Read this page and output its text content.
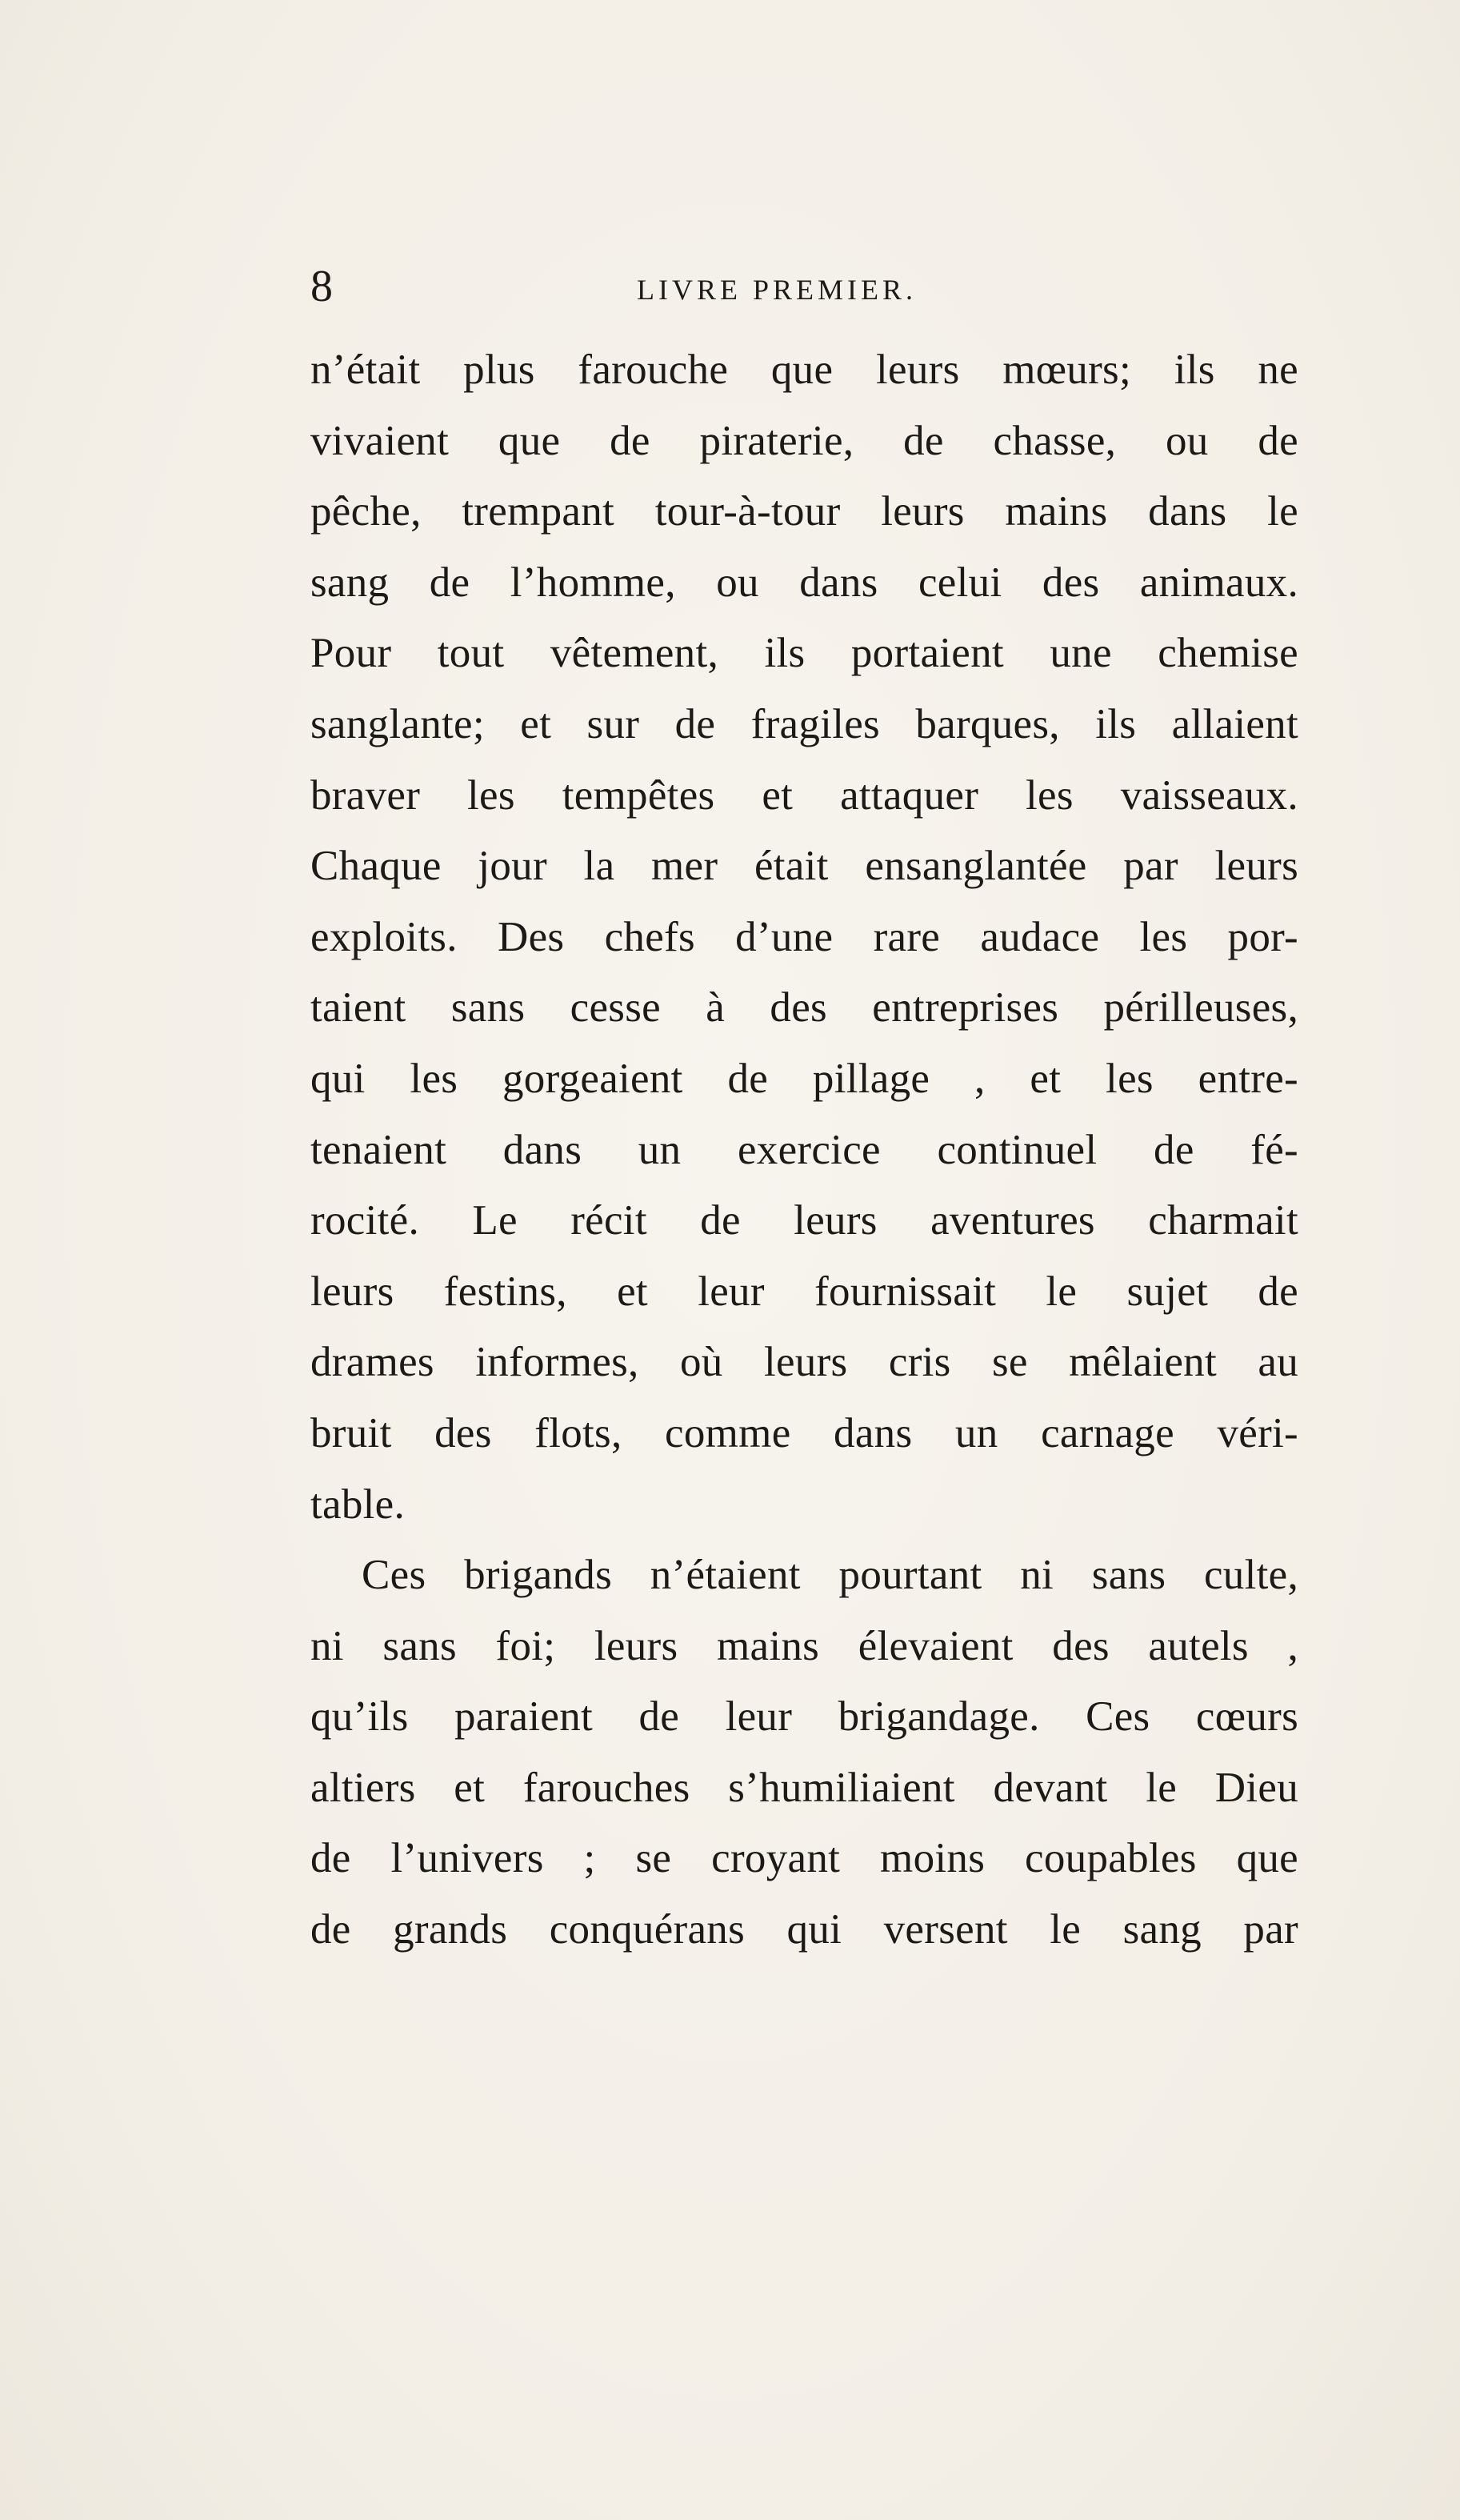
8	LIVRE PREMIER.
n’était plus farouche que leurs mœurs; ils ne
vivaient que de piraterie, de chasse, ou de
pêche, trempant tour-à-tour leurs mains dans le
sang de l’homme, ou dans celui des animaux.
Pour tout vêtement, ils portaient une chemise
sanglante; et sur de fragiles barques, ils allaient
braver les tempêtes et attaquer les vaisseaux.
Chaque jour la mer était ensanglantée par leurs
exploits. Des chefs d’une rare audace les por-
taient sans cesse à des entreprises périlleuses,
qui les gorgeaient de pillage , et les entre-
tenaient dans un exercice continuel de fé-
rocité. Le récit de leurs aventures charmait
leurs festins, et leur fournissait le sujet de
drames informes, où leurs cris se mêlaient au
bruit des flots, comme dans un carnage véri-
table.
Ces brigands n’étaient pourtant ni sans culte,
ni sans foi; leurs mains élevaient des autels ,
qu’ils paraient de leur brigandage. Ces cœurs
altiers et farouches s’humiliaient devant le Dieu
de l’univers ; se croyant moins coupables que
de grands conquérans qui versent le sang par
